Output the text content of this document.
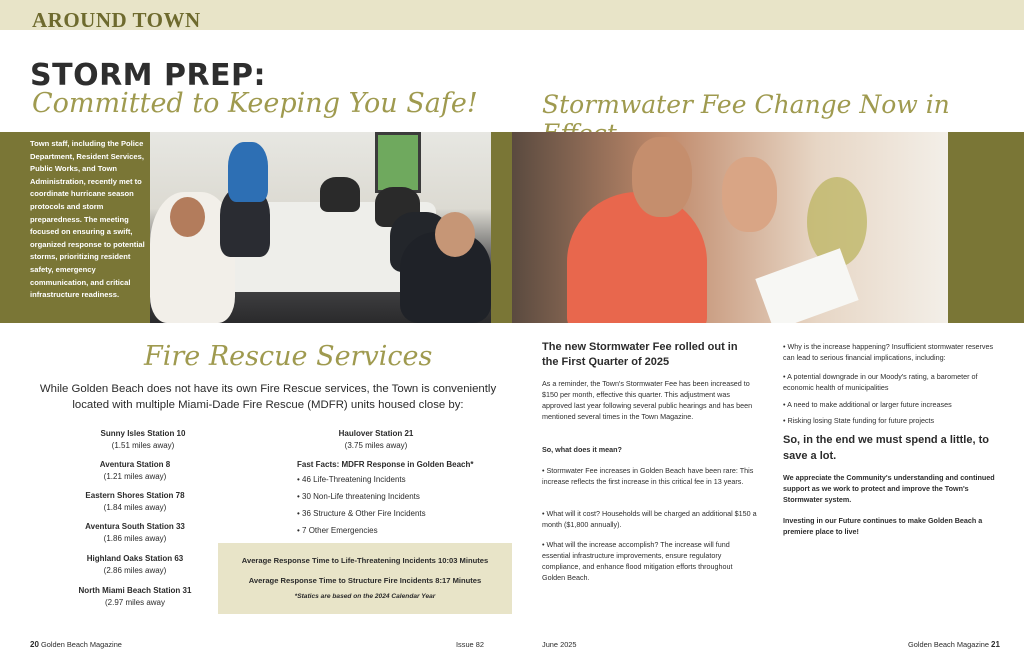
AROUND TOWN
STORM PREP:
Committed to Keeping You Safe!	Stormwater Fee Change Now in
Town staff, including the Police Department, Resident Services, Public Works, and Town Administration, recently met to coordinate hurricane season protocols and storm preparedness. The meeting focused on ensuring a swift, organized response to potential storms, prioritizing resident safety, emergency communication, and critical infrastructure readiness.
Fire Rescue Services
While Golden Beach does not have its own Fire Rescue services, the Town is conveniently located with multiple Miami-Dade Fire Rescue (MDFR) units housed close by:
Sunny Isles Station 10
(1.51 miles away)
Aventura Station 8
(1.21 miles away)
Eastern Shores Station 78
(1.84 miles away)
Aventura South Station 33
(1.86 miles away)
Highland Oaks Station 63
(2.86 miles away)
North Miami Beach Station 31
(2.97 miles away
Haulover Station 21
(3.75 miles away)
Fast Facts: MDFR Response in Golden Beach*
• 46 Life-Threatening Incidents
• 30 Non-Life threatening Incidents
• 36 Structure & Other Fire Incidents
• 7 Other Emergencies
Average Response Time to Life-Threatening Incidents 10:03 Minutes
Average Response Time to Structure Fire Incidents 8:17 Minutes
*Statics are based on the 2024 Calendar Year
The new Stormwater Fee rolled out in the First Quarter of 2025
As a reminder, the Town's Stormwater Fee has been increased to $150 per month, effective this quarter. This adjustment was approved last year following several public hearings and has been mentioned several times in the Town Magazine.
So, what does it mean?
• Stormwater Fee increases in Golden Beach have been rare: This increase reflects the first increase in this critical fee in 13 years.
• What will it cost? Households will be charged an additional $150 a month ($1,800 annually).
• What will the increase accomplish? The increase will fund essential infrastructure improvements, ensure regulatory compliance, and enhance flood mitigation efforts throughout Golden Beach.
• Why is the increase happening? Insufficient stormwater reserves can lead to serious financial implications, including:
• A potential downgrade in our Moody's rating, a barometer of economic health of municipalities
• A need to make additional or larger future increases
• Risking losing State funding for future projects
So, in the end we must spend a little, to save a lot.
We appreciate the Community's understanding and continued support as we work to protect and improve the Town's Stormwater system.
Investing in our Future continues to make Golden Beach a premiere place to live!
20 Golden Beach Magazine	Issue 82	June 2025	Golden Beach Magazine 21
